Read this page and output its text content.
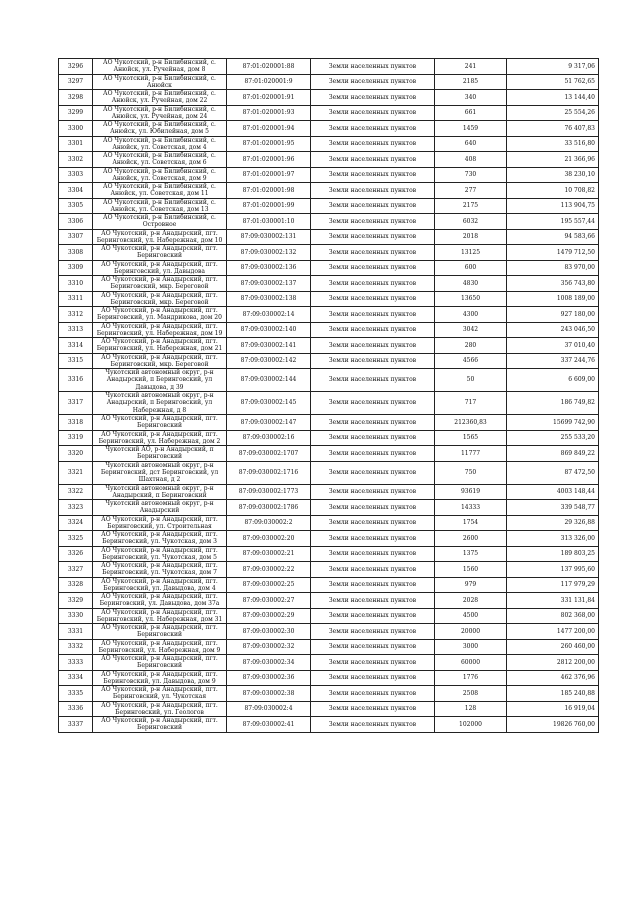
3296	АО Чукотский, р-н Билибинский, с. Анюйск, ул. Ручейная, дом 8	87:01:020001:88	Земли населенных пунктов	241	9 317,06
3297	АО Чукотский, р-н Билибинский, с. Анюйск	87:01:020001:9	Земли населенных пунктов	2185	51 762,65
3298	АО Чукотский, р-н Билибинский, с. Анюйск, ул. Ручейная, дом 22	87:01:020001:91	Земли населенных пунктов	340	13 144,40
3299	АО Чукотский, р-н Билибинский, с. Анюйск, ул. Ручейная, дом 24	87:01:020001:93	Земли населенных пунктов	661	25 554,26
3300	АО Чукотский, р-н Билибинский, с. Анюйск, ул. Юбилейная, дом 5	87:01:020001:94	Земли населенных пунктов	1459	76 407,83
3301	АО Чукотский, р-н Билибинский, с. Анюйск, ул. Советская, дом 4	87:01:020001:95	Земли населенных пунктов	640	33 516,80
3302	АО Чукотский, р-н Билибинский, с. Анюйск, ул. Советская, дом 6	87:01:020001:96	Земли населенных пунктов	408	21 366,96
3303	АО Чукотский, р-н Билибинский, с. Анюйск, ул. Советская, дом 9	87:01:020001:97	Земли населенных пунктов	730	38 230,10
3304	АО Чукотский, р-н Билибинский, с. Анюйск, ул. Советская, дом 11	87:01:020001:98	Земли населенных пунктов	277	10 708,82
3305	АО Чукотский, р-н Билибинский, с. Анюйск, ул. Советская, дом 13	87:01:020001:99	Земли населенных пунктов	2175	113 904,75
3306	АО Чукотский, р-н Билибинский, с. Островное	87:01:030001:10	Земли населенных пунктов	6032	195 557,44
3307	АО Чукотский, р-н Анадырский, пгт. Беринговский, ул. Набережная, дом 10	87:09:030002:131	Земли населенных пунктов	2018	94 583,66
3308	АО Чукотский, р-н Анадырский, пгт. Беринговский	87:09:030002:132	Земли населенных пунктов	13125	1479 712,50
3309	АО Чукотский, р-н Анадырский, пгт. Беринговский, ул. Давыдова	87:09:030002:136	Земли населенных пунктов	600	83 970,00
3310	АО Чукотский, р-н Анадырский, пгт. Беринговский, мкр. Береговой	87:09:030002:137	Земли населенных пунктов	4830	356 743,80
3311	АО Чукотский, р-н Анадырский, пгт. Беринговский, мкр. Береговой	87:09:030002:138	Земли населенных пунктов	13650	1008 189,00
3312	АО Чукотский, р-н Анадырский, пгт. Беринговский, ул. Мандрикова, дом 20	87:09:030002:14	Земли населенных пунктов	4300	927 180,00
3313	АО Чукотский, р-н Анадырский, пгт. Беринговский, ул. Набережная, дом 19	87:09:030002:140	Земли населенных пунктов	3042	243 046,50
3314	АО Чукотский, р-н Анадырский, пгт. Беринговский, ул. Набережная, дом 21	87:09:030002:141	Земли населенных пунктов	280	37 010,40
3315	АО Чукотский, р-н Анадырский, пгт. Беринговский, мкр. Береговой	87:09:030002:142	Земли населенных пунктов	4566	337 244,76
3316	Чукотский автономный округ, р-н Анадырский, п Беринговский, ул Давыдова, д 39	87:09:030002:144	Земли населенных пунктов	50	6 609,00
3317	Чукотский автономный округ, р-н Анадырский, п Беринговский, ул Набережная, д 8	87:09:030002:145	Земли населенных пунктов	717	186 749,82
3318	АО Чукотский, р-н Анадырский, пгт. Беринговский	87:09:030002:147	Земли населенных пунктов	212360,83	15699 742,90
3319	АО Чукотский, р-н Анадырский, пгт. Беринговский, ул. Набережная, дом 2	87:09:030002:16	Земли населенных пунктов	1565	255 533,20
3320	Чукотский АО, р-н Анадырский, п Беринговский	87:09:030002:1707	Земли населенных пунктов	11777	869 849,22
3321	Чукотский автономный округ, р-н Беринговский, дст Беринговский, ул Шахтная, д 2	87:09:030002:1716	Земли населенных пунктов	750	87 472,50
3322	Чукотский автономный округ, р-н Анадырский, п Беринговский	87:09:030002:1773	Земли населенных пунктов	93619	4003 148,44
3323	Чукотский автономный округ, р-н Анадырский	87:09:030002:1786	Земли населенных пунктов	14333	339 548,77
3324	АО Чукотский, р-н Анадырский, пгт. Беринговский, ул. Строительная	87:09:030002:2	Земли населенных пунктов	1754	29 326,88
3325	АО Чукотский, р-н Анадырский, пгт. Беринговский, ул. Чукотская, дом 3	87:09:030002:20	Земли населенных пунктов	2600	313 326,00
3326	АО Чукотский, р-н Анадырский, пгт. Беринговский, ул. Чукотская, дом 5	87:09:030002:21	Земли населенных пунктов	1375	189 803,25
3327	АО Чукотский, р-н Анадырский, пгт. Беринговский, ул. Чукотская, дом 7	87:09:030002:22	Земли населенных пунктов	1560	137 995,60
3328	АО Чукотский, р-н Анадырский, пгт. Беринговский, ул. Давыдова, дом 4	87:09:030002:25	Земли населенных пунктов	979	117 979,29
3329	АО Чукотский, р-н Анадырский, пгт. Беринговский, ул. Давыдова, дом 37а	87:09:030002:27	Земли населенных пунктов	2028	331 131,84
3330	АО Чукотский, р-н Анадырский, пгт. Беринговский, ул. Набережная, дом 31	87:09:030002:29	Земли населенных пунктов	4500	802 368,00
3331	АО Чукотский, р-н Анадырский, пгт. Беринговский	87:09:030002:30	Земли населенных пунктов	20000	1477 200,00
3332	АО Чукотский, р-н Анадырский, пгт. Беринговский, ул. Набережная, дом 9	87:09:030002:32	Земли населенных пунктов	3000	260 460,00
3333	АО Чукотский, р-н Анадырский, пгт. Беринговский	87:09:030002:34	Земли населенных пунктов	60000	2812 200,00
3334	АО Чукотский, р-н Анадырский, пгт. Беринговский, ул. Давыдова, дом 9	87:09:030002:36	Земли населенных пунктов	1776	462 376,96
3335	АО Чукотский, р-н Анадырский, пгт. Беринговский, ул. Чукотская	87:09:030002:38	Земли населенных пунктов	2508	185 240,88
3336	АО Чукотский, р-н Анадырский, пгт. Беринговский, ул. Геологов	87:09:030002:4	Земли населенных пунктов	128	16 919,04
3337	АО Чукотский, р-н Анадырский, пгт. Беринговский	87:09:030002:41	Земли населенных пунктов	102000	19826 760,00
